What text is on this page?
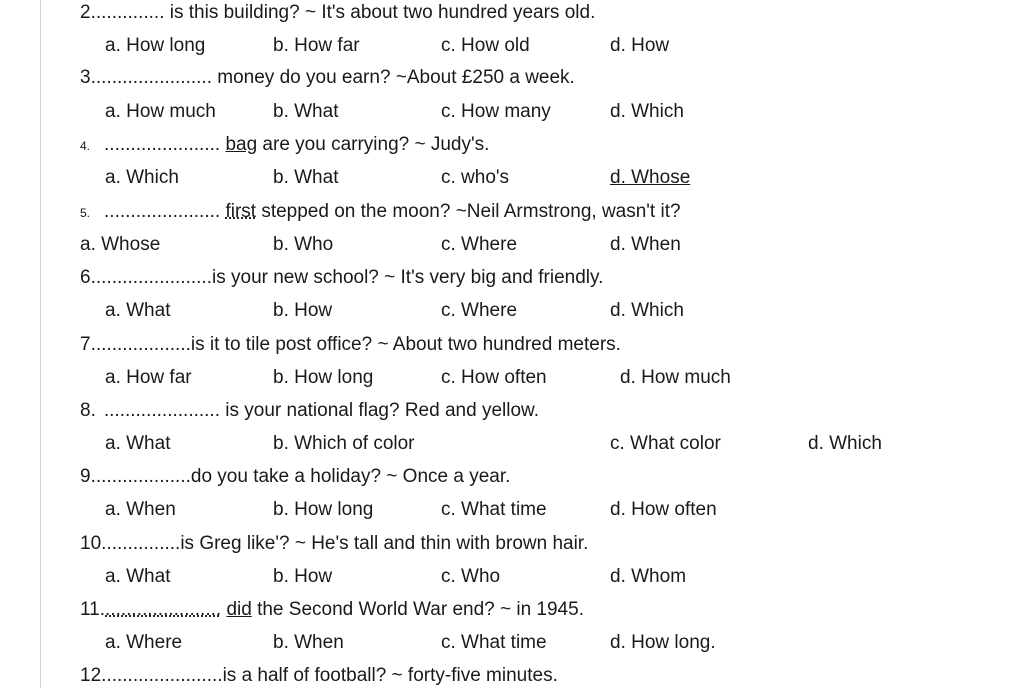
2.............. is this building? ~ It's about two hundred years old.
a. How long	b. How far	c. How old	d. How
3....................... money do you earn? ~About £250 a week.
a. How much	b. What	c. How many	d. Which
4. ...................... bag are you carrying? ~ Judy's.
a. Which	b. What	c. who's	d. Whose
5. ...................... first stepped on the moon? ~Neil Armstrong, wasn't it?
a. Whose	b. Who	c. Where	d. When
6.......................is your new school? ~ It's very big and friendly.
a. What	b. How	c. Where	d. Which
7...................is it to tile post office? ~ About two hundred meters.
a. How far	b. How long	c. How often	d. How much
8....................... is your national flag? Red and yellow.
a. What	b. Which of color	c. What color	d. Which
9...................do you take a holiday? ~ Once a year.
a. When	b. How long	c. What time	d. How often
10...............is Greg like'? ~ He's tall and thin with brown hair.
a. What	b. How	c. Who	d. Whom
11....................... did the Second World War end? ~ in 1945.
a. Where	b. When	c. What time	d. How long.
12.......................is a half of football? ~ forty-five minutes.
